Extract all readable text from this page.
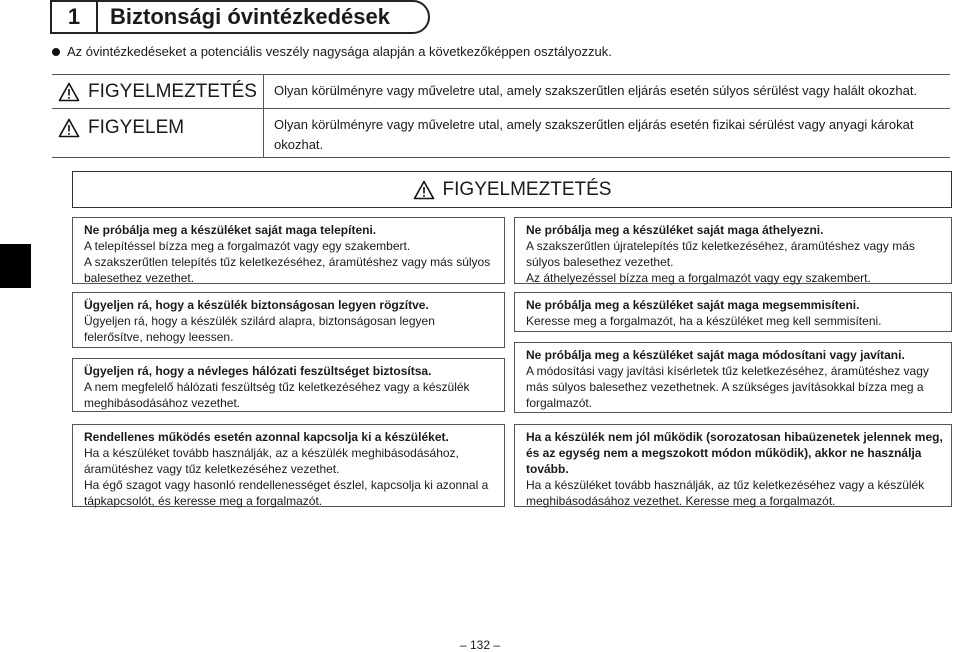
1	Biztonsági óvintézkedések
Az óvintézkedéseket a potenciális veszély nagysága alapján a következőképpen osztályozzuk.
FIGYELMEZTETÉS Olyan körülményre vagy műveletre utal, amely szakszerűtlen eljárás esetén súlyos sérülést vagy halált okozhat.
FIGYELEM	Olyan körülményre vagy műveletre utal, amely szakszerűtlen eljárás esetén fizikai sérülést vagy anyagi károkat okozhat.
FIGYELMEZTETÉS
Ne próbálja meg a készüléket saját maga telepíteni.
A telepítéssel bízza meg a forgalmazót vagy egy szakembert.
A szakszerűtlen telepítés tűz keletkezéséhez, áramütéshez vagy más súlyos balesethez vezethet.
Ügyeljen rá, hogy a készülék biztonságosan legyen rögzítve.
Ügyeljen rá, hogy a készülék szilárd alapra, biztonságosan legyen felerősítve, nehogy leessen.
Ügyeljen rá, hogy a névleges hálózati feszültséget biztosítsa.
A nem megfelelő hálózati feszültség tűz keletkezéséhez vagy a készülék meghibásodásához vezethet.
Rendellenes működés esetén azonnal kapcsolja ki a készüléket.
Ha a készüléket tovább használják, az a készülék meghibásodásához, áramütéshez vagy tűz keletkezéséhez vezethet.
Ha égő szagot vagy hasonló rendellenességet észlel, kapcsolja ki azonnal a tápkapcsolót, és keresse meg a forgalmazót.
Ne próbálja meg a készüléket saját maga áthelyezni.
A szakszerűtlen újratelepítés tűz keletkezéséhez, áramütéshez vagy más súlyos balesethez vezethet.
Az áthelyezéssel bízza meg a forgalmazót vagy egy szakembert.
Ne próbálja meg a készüléket saját maga megsemmisíteni.
Keresse meg a forgalmazót, ha a készüléket meg kell semmisíteni.
Ne próbálja meg a készüléket saját maga módosítani vagy javítani.
A módosítási vagy javítási kísérletek tűz keletkezéséhez, áramütéshez vagy más súlyos balesethez vezethetnek. A szükséges javításokkal bízza meg a forgalmazót.
Ha a készülék nem jól működik (sorozatosan hibaüzenetek jelennek meg, és az egység nem a megszokott módon működik), akkor ne használja tovább.
Ha a készüléket tovább használják, az tűz keletkezéséhez vagy a készülék meghibásodásához vezethet. Keresse meg a forgalmazót.
– 132 –
